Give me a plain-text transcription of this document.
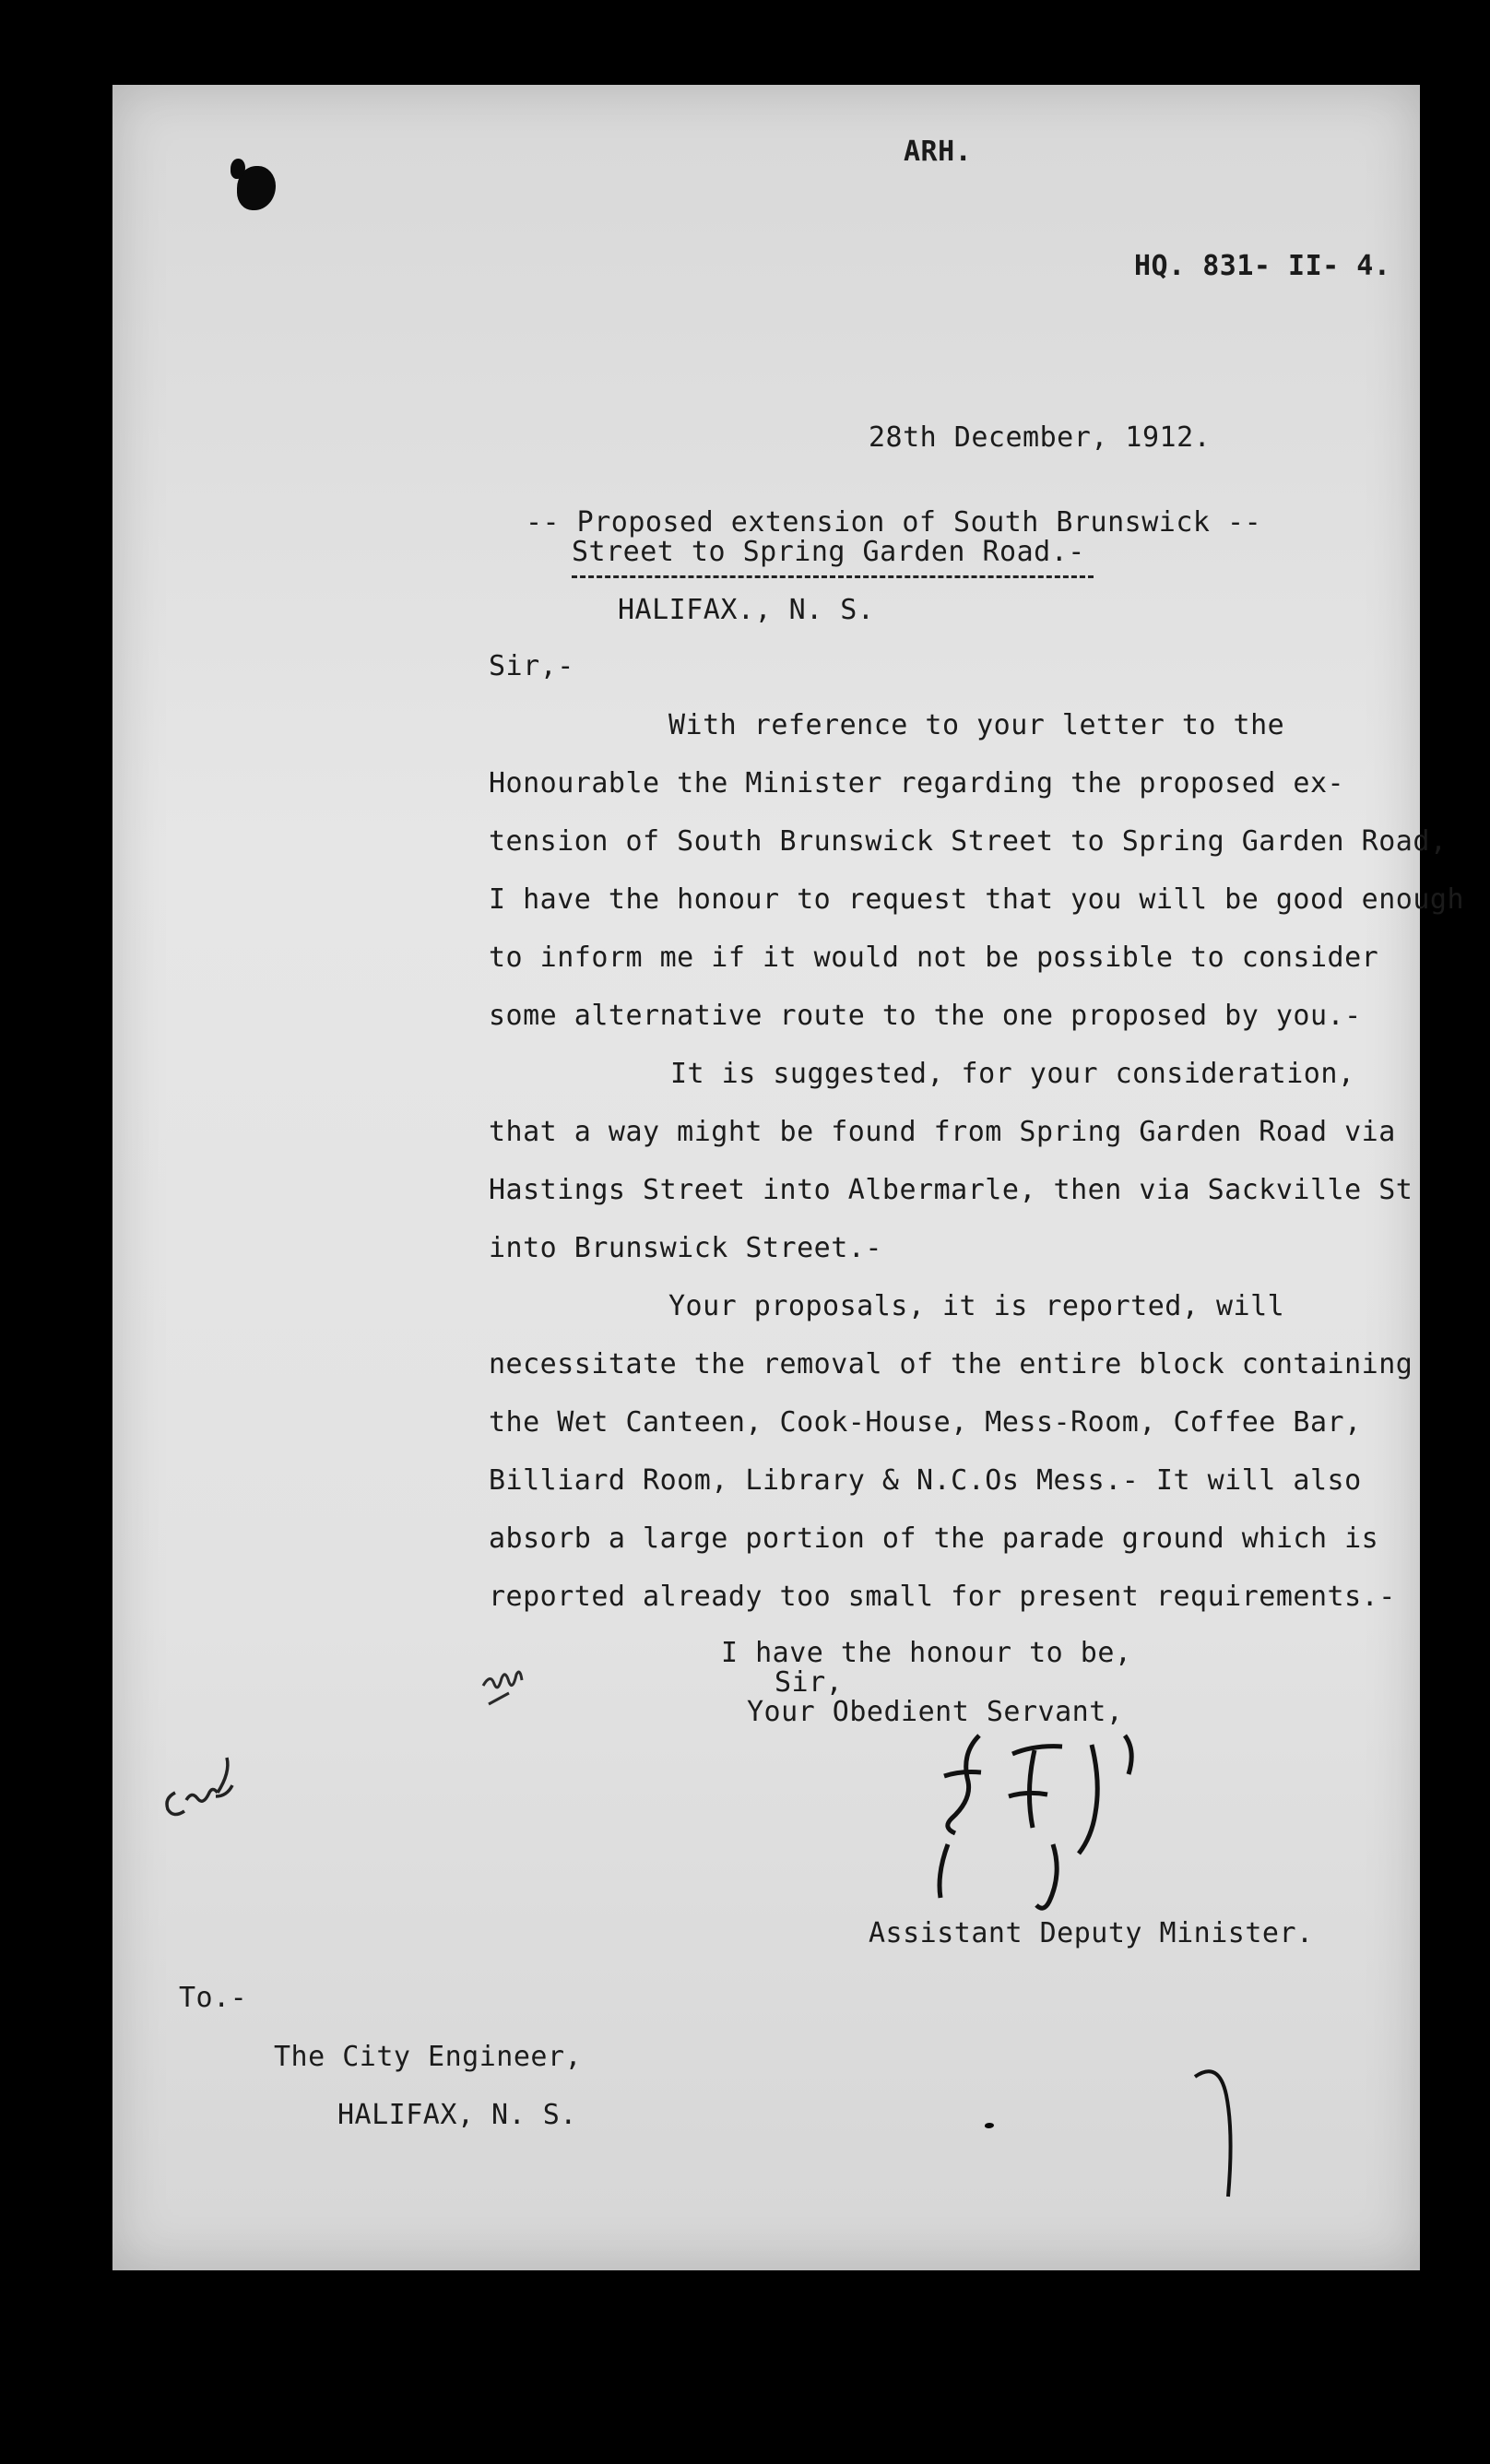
ARH.
HQ. 831- II- 4.
28th December, 1912.
-- Proposed extension of South Brunswick --
Street to Spring Garden Road.-
HALIFAX., N. S.
Sir,-
With reference to your letter to the
Honourable the Minister regarding the proposed ex-
tension of South Brunswick Street to Spring Garden Road,
I have the honour to request that you will be good enough
to inform me if it would not be possible to consider
some alternative route to the one proposed by you.-
It is suggested, for your consideration,
that a way might be found from Spring Garden Road via
Hastings Street into Albermarle, then via Sackville St
into Brunswick Street.-
Your proposals, it is reported, will
necessitate the removal of the entire block containing
the Wet Canteen, Cook-House, Mess-Room, Coffee Bar,
Billiard Room, Library & N.C.Os Mess.- It will also
absorb a large portion of the parade ground which is
reported already too small for present requirements.-
I have the honour to be,
Sir,
Your Obedient Servant,
Assistant Deputy Minister.
To.-
The City Engineer,
HALIFAX, N. S.
